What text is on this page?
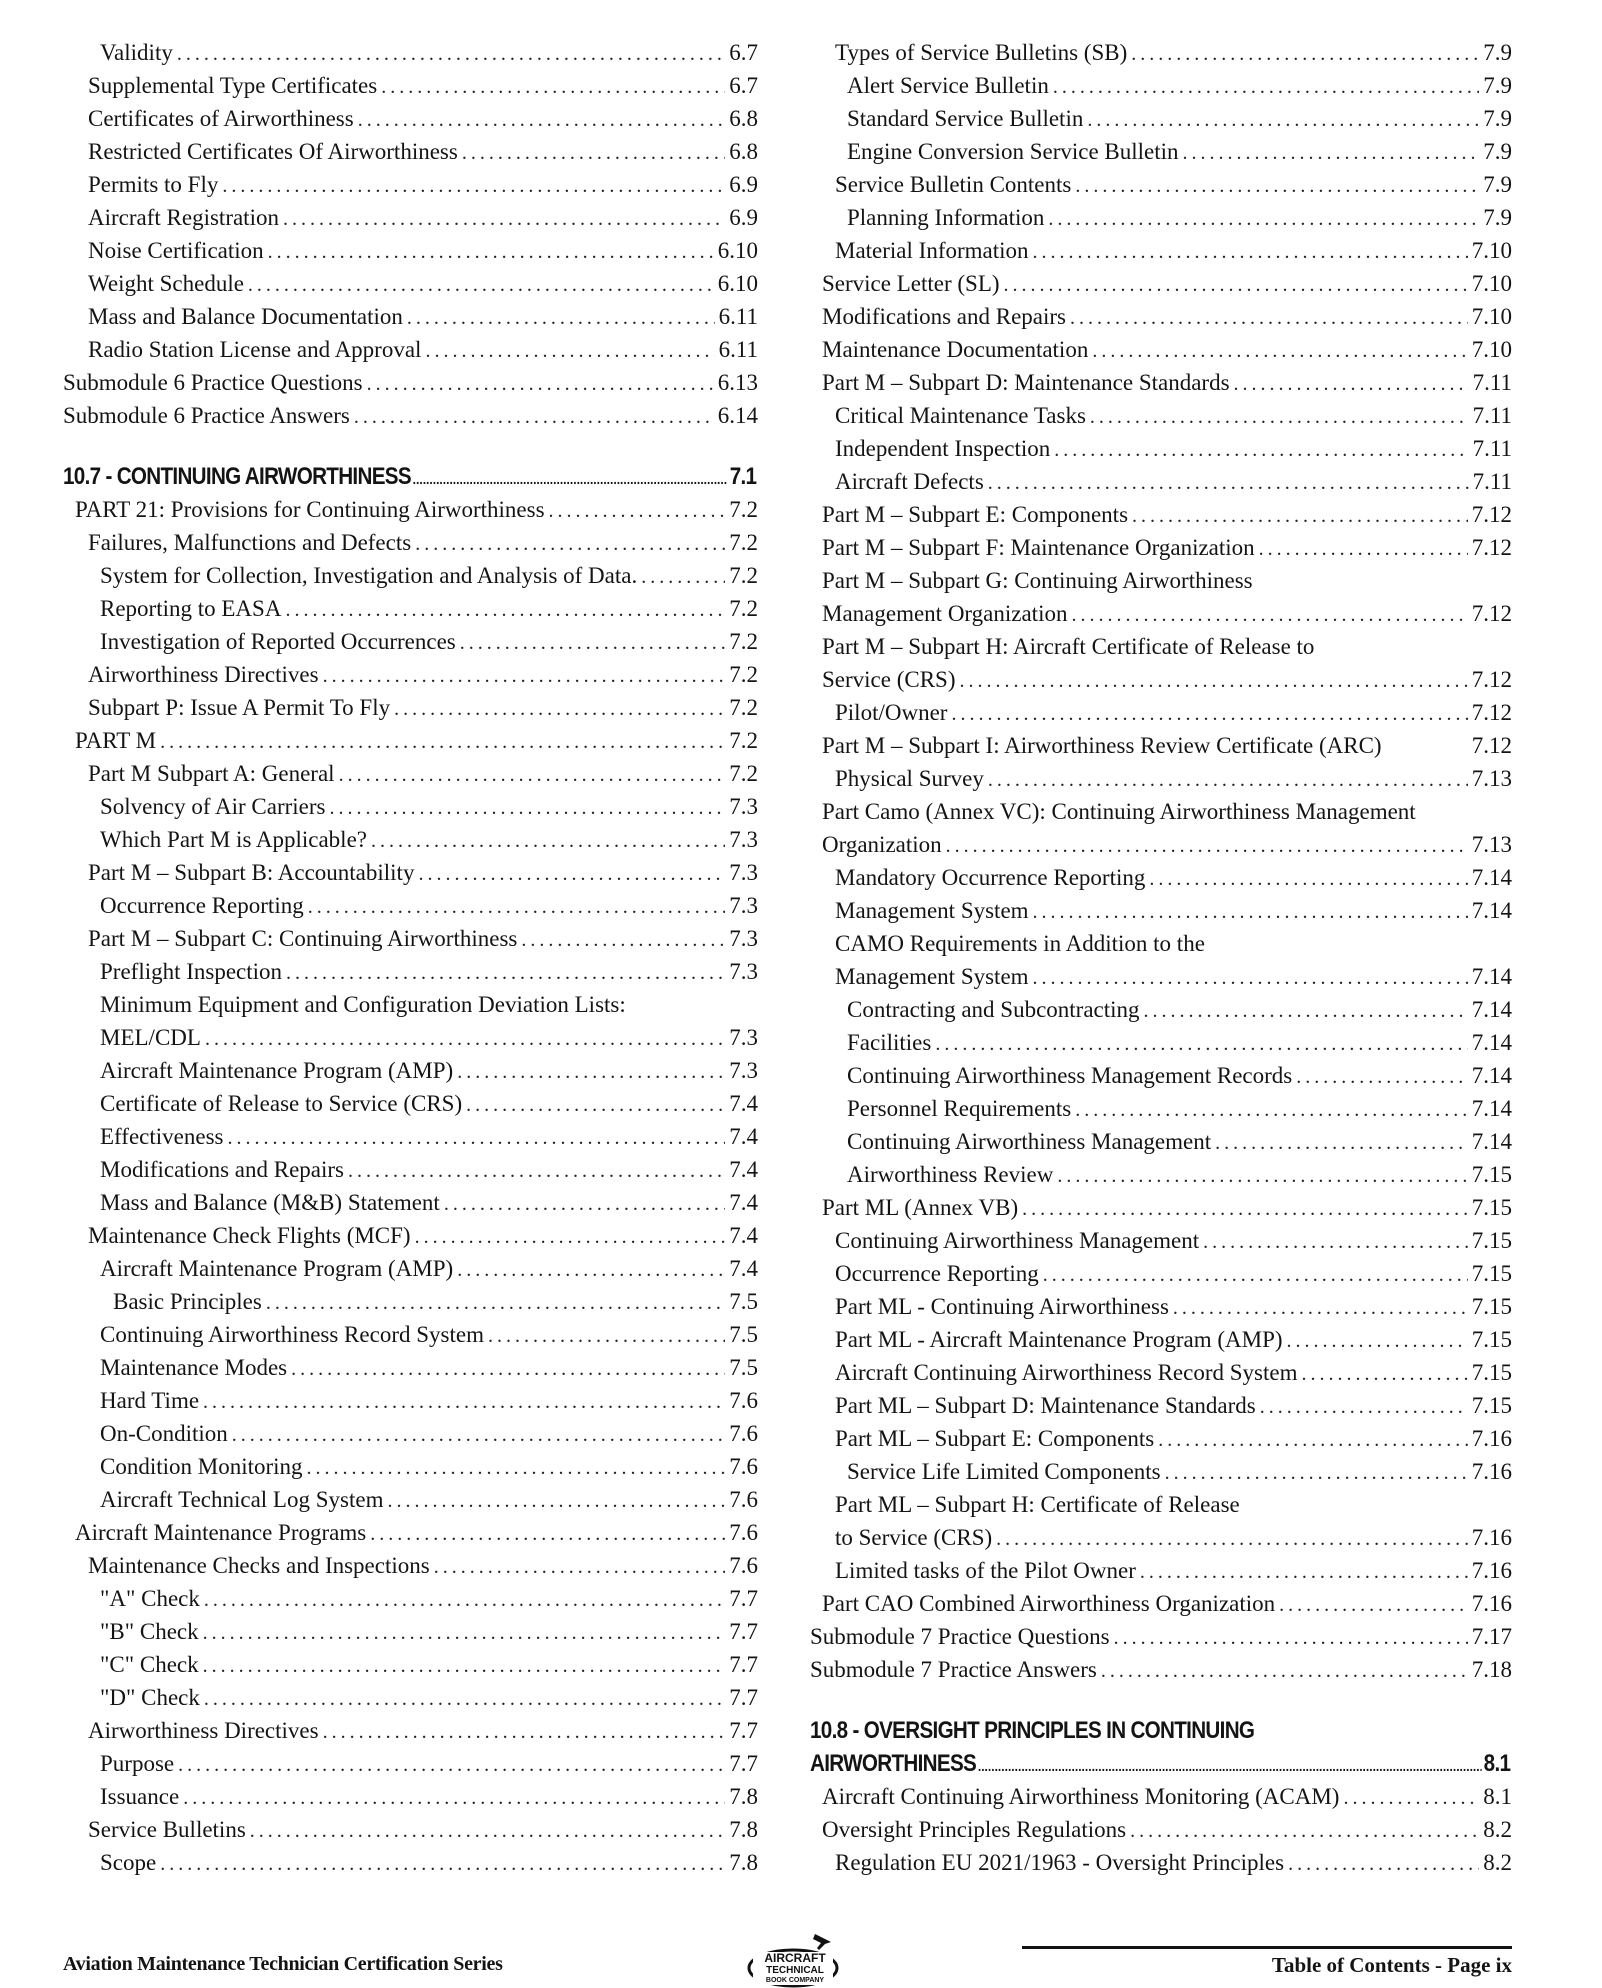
Validity . . .	6.7
Supplemental Type Certificates . . .	6.7
Certificates of Airworthiness . . .	6.8
Restricted Certificates Of Airworthiness . . .	6.8
Permits to Fly . . .	6.9
Aircraft Registration . . .	6.9
Noise Certification . . .	6.10
Weight Schedule . . .	6.10
Mass and Balance Documentation . . .	6.11
Radio Station License and Approval . . .	6.11
Submodule 6 Practice Questions . . .	6.13
Submodule 6 Practice Answers . . .	6.14
10.7 - CONTINUING AIRWORTHINESS .....	7.1
PART 21: Provisions for Continuing Airworthiness . . .	7.2
Failures, Malfunctions and Defects . . .	7.2
System for Collection, Investigation and Analysis of Data. . . .	7.2
Reporting to EASA . . .	7.2
Investigation of Reported Occurrences . . .	7.2
Airworthiness Directives . . .	7.2
Subpart P: Issue A Permit To Fly . . .	7.2
PART M . . .	7.2
Part M Subpart A: General . . .	7.2
Solvency of Air Carriers . . .	7.3
Which Part M is Applicable? . . .	7.3
Part M – Subpart B: Accountability . . .	7.3
Occurrence Reporting . . .	7.3
Part M – Subpart C: Continuing Airworthiness . . .	7.3
Preflight Inspection . . .	7.3
Minimum Equipment and Configuration Deviation Lists:
MEL/CDL . . .	7.3
Aircraft Maintenance Program (AMP) . . .	7.3
Certificate of Release to Service (CRS) . . .	7.4
Effectiveness . . .	7.4
Modifications and Repairs . . .	7.4
Mass and Balance (M&B) Statement . . .	7.4
Maintenance Check Flights (MCF) . . .	7.4
Aircraft Maintenance Program (AMP) . . .	7.4
Basic Principles . . .	7.5
Continuing Airworthiness Record System . . .	7.5
Maintenance Modes . . .	7.5
Hard Time . . .	7.6
On-Condition . . .	7.6
Condition Monitoring . . .	7.6
Aircraft Technical Log System . . .	7.6
Aircraft Maintenance Programs . . .	7.6
Maintenance Checks and Inspections . . .	7.6
"A" Check . . .	7.7
"B" Check . . .	7.7
"C" Check . . .	7.7
"D" Check . . .	7.7
Airworthiness Directives . . .	7.7
Purpose . . .	7.7
Issuance . . .	7.8
Service Bulletins . . .	7.8
Scope . . .	7.8
Types of Service Bulletins (SB) . . .	7.9
Alert Service Bulletin . . .	7.9
Standard Service Bulletin . . .	7.9
Engine Conversion Service Bulletin . . .	7.9
Service Bulletin Contents . . .	7.9
Planning Information . . .	7.9
Material Information . . .	7.10
Service Letter (SL) . . .	7.10
Modifications and Repairs . . .	7.10
Maintenance Documentation . . .	7.10
Part M – Subpart D: Maintenance Standards . . .	7.11
Critical Maintenance Tasks . . .	7.11
Independent Inspection . . .	7.11
Aircraft Defects . . .	7.11
Part M – Subpart E: Components . . .	7.12
Part M – Subpart F: Maintenance Organization . . .	7.12
Part M – Subpart G: Continuing Airworthiness
Management Organization . . .	7.12
Part M – Subpart H: Aircraft Certificate of Release to
Service (CRS) . . .	7.12
Pilot/Owner . . .	7.12
Part M – Subpart I: Airworthiness Review Certificate (ARC)	7.12
Physical Survey . . .	7.13
Part Camo (Annex VC): Continuing Airworthiness Management
Organization . . .	7.13
Mandatory Occurrence Reporting . . .	7.14
Management System . . .	7.14
CAMO Requirements in Addition to the
Management System . . .	7.14
Contracting and Subcontracting . . .	7.14
Facilities . . .	7.14
Continuing Airworthiness Management Records . . .	7.14
Personnel Requirements . . .	7.14
Continuing Airworthiness Management . . .	7.14
Airworthiness Review . . .	7.15
Part ML (Annex VB) . . .	7.15
Continuing Airworthiness Management . . .	7.15
Occurrence Reporting . . .	7.15
Part ML - Continuing Airworthiness . . .	7.15
Part ML - Aircraft Maintenance Program (AMP) . . .	7.15
Aircraft Continuing Airworthiness Record System . . .	7.15
Part ML – Subpart D: Maintenance Standards . . .	7.15
Part ML – Subpart E: Components . . .	7.16
Service Life Limited Components . . .	7.16
Part ML – Subpart H: Certificate of Release
to Service (CRS) . . .	7.16
Limited tasks of the Pilot Owner . . .	7.16
Part CAO Combined Airworthiness Organization . . .	7.16
Submodule 7 Practice Questions . . .	7.17
Submodule 7 Practice Answers . . .	7.18
10.8 - OVERSIGHT PRINCIPLES IN CONTINUING
AIRWORTHINESS .....	8.1
Aircraft Continuing Airworthiness Monitoring (ACAM) . . .	8.1
Oversight Principles Regulations . . .	8.2
Regulation EU 2021/1963 - Oversight Principles . . .	8.2
Aviation Maintenance Technician Certification Series	AIRCRAFT
TECHNICAL
BOOK COMPANY
Table of Contents - Page ix
